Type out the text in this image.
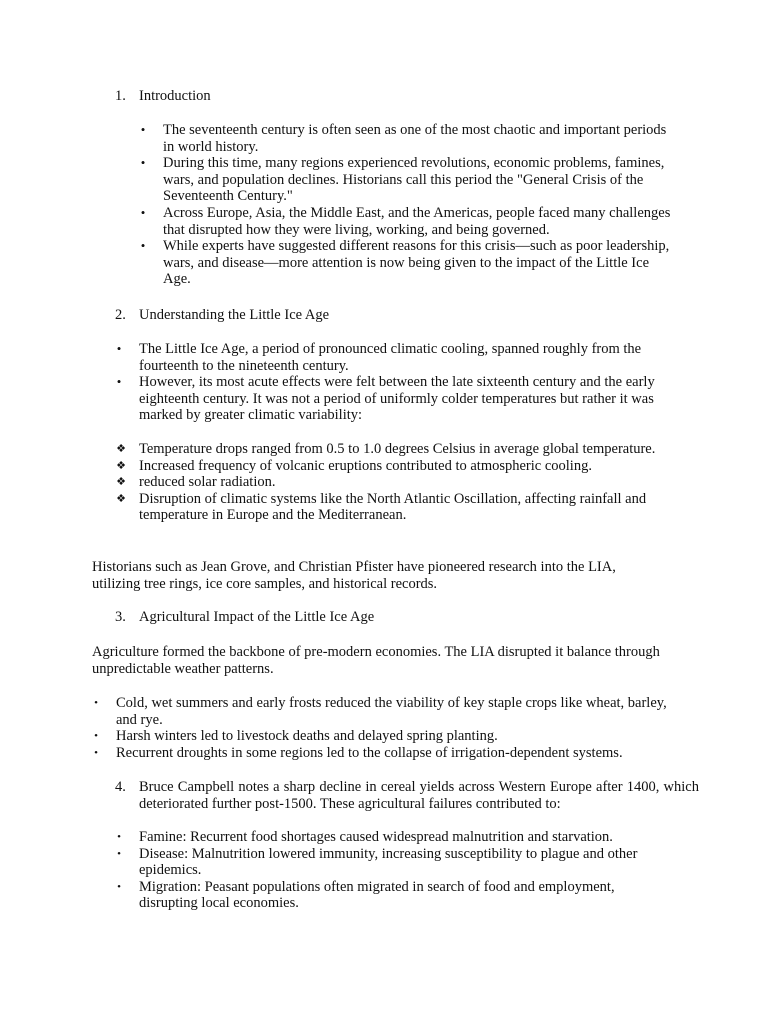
1. Introduction
• The seventeenth century is often seen as one of the most chaotic and important periods in world history.
• During this time, many regions experienced revolutions, economic problems, famines, wars, and population declines. Historians call this period the "General Crisis of the Seventeenth Century."
• Across Europe, Asia, the Middle East, and the Americas, people faced many challenges that disrupted how they were living, working, and being governed.
• While experts have suggested different reasons for this crisis—such as poor leadership, wars, and disease—more attention is now being given to the impact of the Little Ice Age.
2. Understanding the Little Ice Age
• The Little Ice Age, a period of pronounced climatic cooling, spanned roughly from the fourteenth to the nineteenth century.
• However, its most acute effects were felt between the late sixteenth century and the early eighteenth century. It was not a period of uniformly colder temperatures but rather it was marked by greater climatic variability:
❖ Temperature drops ranged from 0.5 to 1.0 degrees Celsius in average global temperature.
❖ Increased frequency of volcanic eruptions contributed to atmospheric cooling.
❖ reduced solar radiation.
❖ Disruption of climatic systems like the North Atlantic Oscillation, affecting rainfall and temperature in Europe and the Mediterranean.
Historians such as Jean Grove, and Christian Pfister have pioneered research into the LIA, utilizing tree rings, ice core samples, and historical records.
3. Agricultural Impact of the Little Ice Age
Agriculture formed the backbone of pre-modern economies. The LIA disrupted it balance through unpredictable weather patterns.
• Cold, wet summers and early frosts reduced the viability of key staple crops like wheat, barley, and rye.
• Harsh winters led to livestock deaths and delayed spring planting.
• Recurrent droughts in some regions led to the collapse of irrigation-dependent systems.
4. Bruce Campbell notes a sharp decline in cereal yields across Western Europe after 1400, which deteriorated further post-1500. These agricultural failures contributed to:
• Famine: Recurrent food shortages caused widespread malnutrition and starvation.
• Disease: Malnutrition lowered immunity, increasing susceptibility to plague and other epidemics.
• Migration: Peasant populations often migrated in search of food and employment, disrupting local economies.
